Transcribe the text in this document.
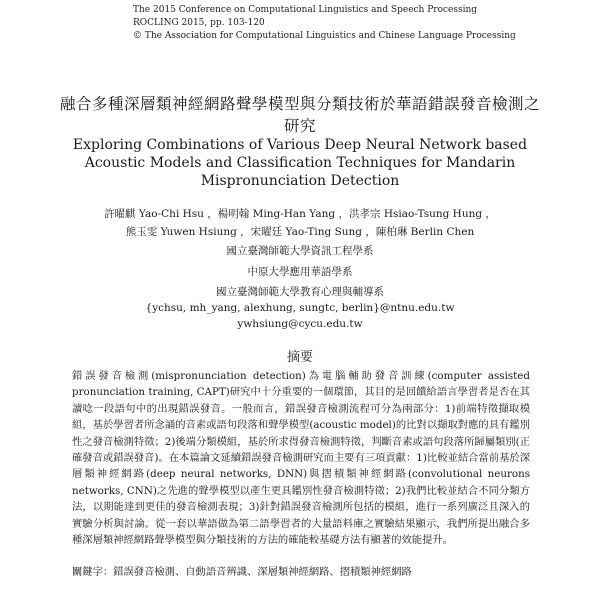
The 2015 Conference on Computational Linguistics and Speech Processing
ROCLING 2015, pp. 103-120
© The Association for Computational Linguistics and Chinese Language Processing
融合多種深層類神經網路聲學模型與分類技術於華語錯誤發音檢測之研究
Exploring Combinations of Various Deep Neural Network based Acoustic Models and Classification Techniques for Mandarin Mispronunciation Detection
許曜麒 Yao-Chi Hsu ，楊明翰 Ming-Han Yang ，洪孝宗 Hsiao-Tsung Hung ，
熊玉雯 Yuwen Hsiung ，宋曜廷 Yao-Ting Sung ，陳柏琳 Berlin Chen
國立臺灣師範大學資訊工程學系
中原大學應用華語學系
國立臺灣師範大學教育心理與輔導系
{ychsu, mh_yang, alexhung, sungtc, berlin}@ntnu.edu.tw
ywhsiung@cycu.edu.tw
摘要
錯誤發音檢測(mispronunciation detection)為電腦輔助發音訓練(computer assisted pronunciation training, CAPT)研究中十分重要的一個環節，其目的是回饋給語言學習者是否在其讀唸一段語句中的出現錯誤發音。一般而言，錯誤發音檢測流程可分為兩部分：1)前端特徵擷取模組，基於學習者所念誦的音素或語句段落和聲學模型(acoustic model)的比對以擷取對應的具有鑑別性之發音檢測特徵；2)後端分類模組，基於所求得發音檢測特徵，判斷音素或語句段落所歸屬類別(正確發音或錯誤發音)。在本篇論文延續錯誤發音檢測研究而主要有三項貢獻：1)比較並結合當前基於深層類神經網路(deep neural networks, DNN)與摺積類神經網路(convolutional neurons networks, CNN)之先進的聲學模型以產生更具鑑別性發音檢測特徵；2)我們比較並結合不同分類方法，以期能達到更佳的發音檢測表現；3)針對錯誤發音檢測所包括的模組，進行一系列廣泛且深入的實驗分析與討論。從一套以華語做為第二語學習者的大量語料庫之實驗結果顯示，我們所提出融合多種深層類神經網路聲學模型與分類技術的方法的確能較基礎方法有顯著的效能提升。
關鍵字：錯誤發音檢測、自動語音辨識、深層類神經網路、摺積類神經網路
